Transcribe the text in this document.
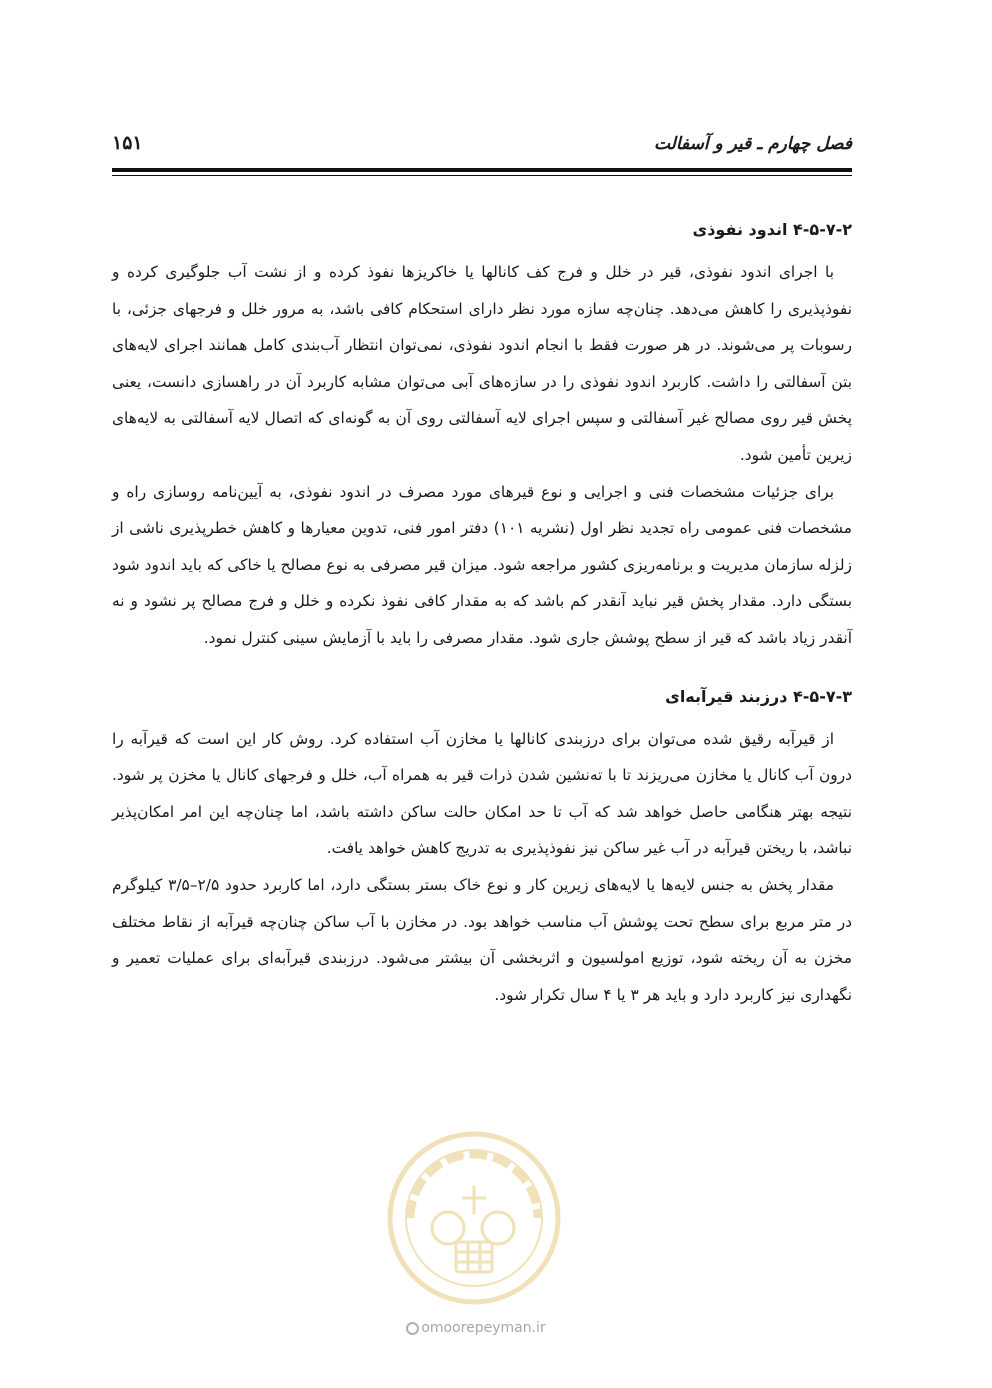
فصل چهارم ـ قیر و آسفالت
۱۵۱
۴-۵-۷-۲ اندود نفوذی

با اجرای اندود نفوذی، قیر در خلل و فرج کف کانالها یا خاکریزها نفوذ کرده و از نشت آب جلوگیری کرده و نفوذپذیری را کاهش می‌دهد. چنان‌چه سازه مورد نظر دارای استحکام کافی باشد، به مرور خلل و فرجهای جزئی، با رسوبات پر می‌شوند. در هر صورت فقط با انجام اندود نفوذی، نمی‌توان انتظار آب‌بندی کامل همانند اجرای لایه‌های بتن آسفالتی را داشت. کاربرد اندود نفوذی را در سازه‌های آبی می‌توان مشابه کاربرد آن در راهسازی دانست، یعنی پخش قیر روی مصالح غیر آسفالتی و سپس اجرای لایه آسفالتی روی آن به گونه‌ای که اتصال لایه آسفالتی به لایه‌های زیرین تأمین شود.

برای جزئیات مشخصات فنی و اجرایی و نوع قیرهای مورد مصرف در اندود نفوذی، به آیین‌نامه روسازی راه و مشخصات فنی عمومی راه تجدید نظر اول (نشریه ۱۰۱) دفتر امور فنی، تدوین معیارها و کاهش خطرپذیری ناشی از زلزله سازمان مدیریت و برنامه‌ریزی کشور مراجعه شود. میزان قیر مصرفی به نوع مصالح یا خاکی که باید اندود شود بستگی دارد. مقدار پخش قیر نباید آنقدر کم باشد که به مقدار کافی نفوذ نکرده و خلل و فرج مصالح پر نشود و نه آنقدر زیاد باشد که قیر از سطح پوشش جاری شود. مقدار مصرفی را باید با آزمایش سینی کنترل نمود.

۴-۵-۷-۳ درزبند قیرآبه‌ای

از قیرآبه رقیق شده می‌توان برای درزبندی کانالها یا مخازن آب استفاده کرد. روش کار این است که قیرآبه را درون آب کانال یا مخازن می‌ریزند تا با ته‌نشین شدن ذرات قیر به همراه آب، خلل و فرجهای کانال یا مخزن پر شود. نتیجه بهتر هنگامی حاصل خواهد شد که آب تا حد امکان حالت ساکن داشته باشد، اما چنان‌چه این امر امکان‌پذیر نباشد، با ریختن قیرآبه در آب غیر ساکن نیز نفوذپذیری به تدریج کاهش خواهد یافت.

مقدار پخش به جنس لایه‌ها یا لایه‌های زیرین کار و نوع خاک بستر بستگی دارد، اما کاربرد حدود ۲/۵–۳/۵ کیلوگرم در متر مربع برای سطح تحت پوشش آب مناسب خواهد بود. در مخازن با آب ساکن چنان‌چه قیرآبه از نقاط مختلف مخزن به آن ریخته شود، توزیع امولسیون و اثربخشی آن بیشتر می‌شود. درزبندی قیرآبه‌ای برای عملیات تعمیر و نگهداری نیز کاربرد دارد و باید هر ۳ یا ۴ سال تکرار شود.

omoorepeyman.ir
